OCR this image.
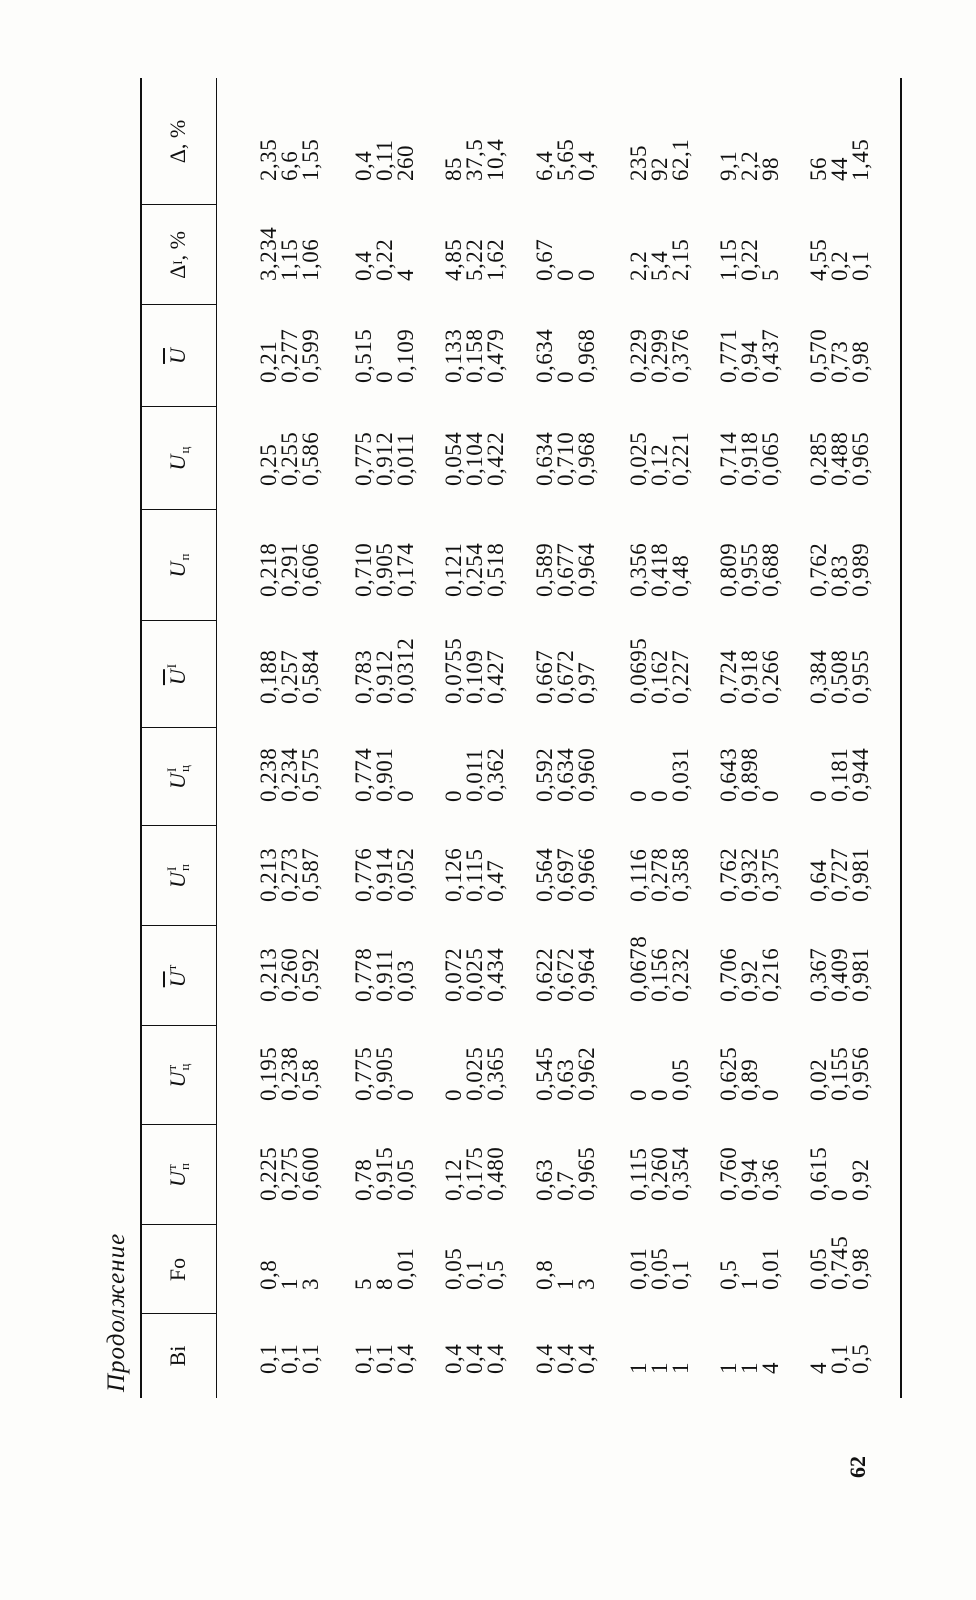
62
Продолжение Bi
Fo
U
т
п
U
т
ц
$\overline{U}$
т

U
I
п
U
I
ц
$\overline{U}$
I

U

п
U

ц
$\overline{U}$
Δ
I
, %
Δ, %
0,1
0,1
0,1
0,8
1
3
0,225
0,275
0,600
0,195
0,238
0,58
0,213
0,260
0,592
0,213
0,273
0,587
0,238
0,234
0,575
0,188
0,257
0,584
0,218
0,291
0,606
0,25
0,255
0,586
0,21
0,277
0,599
3,234
1,15
1,06
2,35
6,6
1,55
0,1
0,1
0,4
5
8
0,01
0,78
0,915
0,05
0,775
0,905
0
0,778
0,911
0,03
0,776
0,914
0,052
0,774
0,901
0
0,783
0,912
0,0312
0,710
0,905
0,174
0,775
0,912
0,011
0,515
0
0,109
0,4
0,22
4
0,4
0,11
260
0,4
0,4
0,4
0,05
0,1
0,5
0,12
0,175
0,480
0
0,025
0,365
0,072
0,025
0,434
0,126
0,115
0,47
0
0,011
0,362
0,0755
0,109
0,427
0,121
0,254
0,518
0,054
0,104
0,422
0,133
0,158
0,479
4,85
5,22
1,62
85
37,5
10,4
0,4
0,4
0,4
0,8
1
3
0,63
0,7
0,965
0,545
0,63
0,962
0,622
0,672
0,964
0,564
0,697
0,966
0,592
0,634
0,960
0,667
0,672
0,97
0,589
0,677
0,964
0,634
0,710
0,968
0,634
0
0,968
0,67
0
0
6,4
5,65
0,4
1
1
1
0,01
0,05
0,1
0,115
0,260
0,354
0
0
0,05
0,0678
0,156
0,232
0,116
0,278
0,358
0
0
0,031
0,0695
0,162
0,227
0,356
0,418
0,48
0,025
0,12
0,221
0,229
0,299
0,376
2,2
5,4
2,15
235
92
62,1
1
1
4
0,5
1
0,01
0,760
0,94
0,36
0,625
0,89
0
0,706
0,92
0,216
0,762
0,932
0,375
0,643
0,898
0
0,724
0,918
0,266
0,809
0,955
0,688
0,714
0,918
0,065
0,771
0,94
0,437
1,15
0,22
5
9,1
2,2
98
4
0,1
0,5
0,05
0,745
0,98
0,615
0
0,92
0,02
0,155
0,956
0,367
0,409
0,981
0,64
0,727
0,981
0
0,181
0,944
0,384
0,508
0,955
0,762
0,83
0,989
0,285
0,488
0,965
0,570
0,73
0,98
4,55
0,2
0,1
56
44
1,45
